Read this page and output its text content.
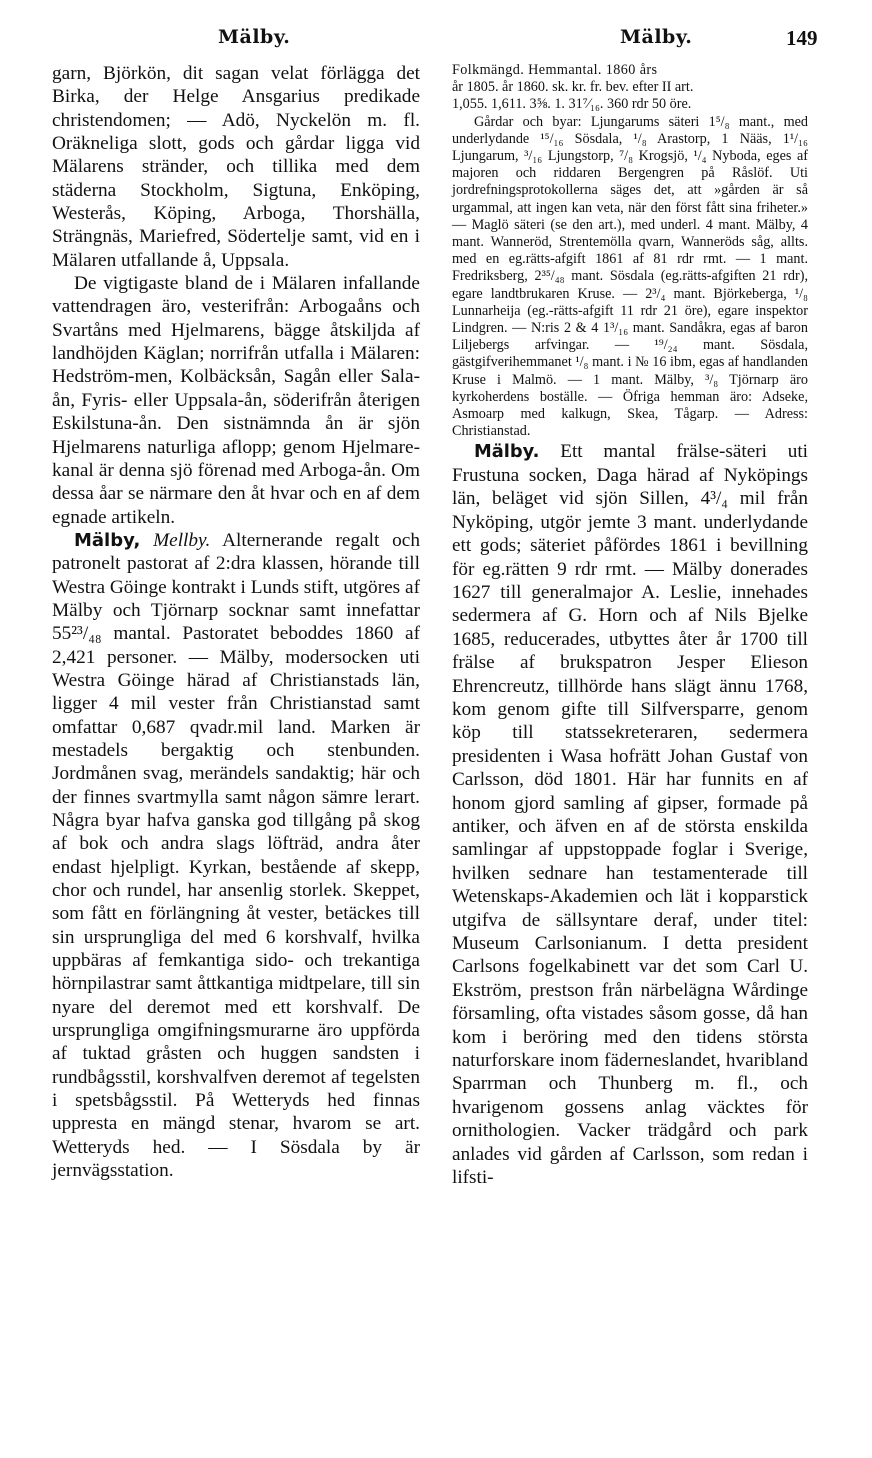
Mälby.	Mälby.	149

garn, Björkön, dit sagan velat förlägga det Birka, der Helge Ansgarius predikade christendomen; — Adö, Nyckelön m. fl. Oräkneliga slott, gods och gårdar ligga vid Mälarens stränder, och tillika med dem städerna Stockholm, Sigtuna, Enköping, Westerås, Köping, Arboga, Thorshälla, Strängnäs, Mariefred, Södertelje samt, vid en i Mälaren utfallande å, Uppsala.

De vigtigaste bland de i Mälaren infallande vattendragen äro, vesterifrån: Arbogaåns och Svartåns med Hjelmarens, bägge åtskiljda af landhöjden Käglan; norrifrån utfalla i Mälaren: Hedström-men, Kolbäcksån, Sagån eller Sala-ån, Fyris- eller Uppsala-ån, söderifrån återigen Eskilstuna-ån. Den sistnämnda ån är sjön Hjelmarens naturliga aflopp; genom Hjelmare-kanal är denna sjö förenad med Arboga-ån. Om dessa åar se närmare den åt hvar och en af dem egnade artikeln.

Mälby, Mellby. Alternerande regalt och patronelt pastorat af 2:dra klassen, hörande till Westra Göinge kontrakt i Lunds stift, utgöres af Mälby och Tjörnarp socknar samt innefattar 55²³/₄₈ mantal. Pastoratet beboddes 1860 af 2,421 personer. — Mälby, modersocken uti Westra Göinge härad af Christianstads län, ligger 4 mil vester från Christianstad samt omfattar 0,687 qvadr.mil land. Marken är mestadels bergaktig och stenbunden. Jordmånen svag, merändels sandaktig; här och der finnes svartmylla samt någon sämre lerart. Några byar hafva ganska god tillgång på skog af bok och andra slags löfträd, andra åter endast hjelpligt. Kyrkan, bestående af skepp, chor och rundel, har ansenlig storlek. Skeppet, som fått en förlängning åt vester, betäckes till sin ursprungliga del med 6 korshvalf, hvilka uppbäras af femkantiga sido- och trekantiga hörnpilastrar samt åttkantiga midtpelare, till sin nyare del deremot med ett korshvalf. De ursprungliga omgifningsmurarne äro uppförda af tuktad gråsten och huggen sandsten i rundbågsstil, korshvalfven deremot af tegelsten i spetsbågsstil. På Wetteryds hed finnas uppresta en mängd stenar, hvarom se art. Wetteryds hed. — I Sösdala by är jernvägsstation.

Folkmängd. Hemmantal. 1860 års
år 1805. år 1860. sk. kr. fr. bev. efter II art.
1,055. 1,611. 3⅝. 1. 31⁷⁄₁₆. 360 rdr 50 öre.

Gårdar och byar: Ljungarums säteri 1⁵/₈ mant., med underlydande ¹⁵/₁₆ Sösdala, ¹/₈ Arastorp, 1 Nääs, 1¹/₁₆ Ljungarum, ³/₁₆ Ljungstorp, ⁷/₈ Krogsjö, ¹/₄ Nyboda, eges af majoren och riddaren Bergengren på Råslöf. Uti jordrefningsprotokollerna säges det, att »gården är så urgammal, att ingen kan veta, när den först fått sina friheter.» — Maglö säteri (se den art.), med underl. 4 mant. Mälby, 4 mant. Wanneröd, Strentemölla qvarn, Wanneröds såg, allts. med en eg.rätts-afgift 1861 af 81 rdr rmt. — 1 mant. Fredriksberg, 2³⁵/₄₈ mant. Sösdala (eg.rätts-afgiften 21 rdr), egare landtbrukaren Kruse. — 2³/₄ mant. Björkeberga, ¹/₈ Lunnarheija (eg.-rätts-afgift 11 rdr 21 öre), egare inspektor Lindgren. — N:ris 2 & 4 1³/₁₆ mant. Sandåkra, egas af baron Liljebergs arfvingar. — ¹⁹/₂₄ mant. Sösdala, gästgifverihemmanet ¹/₈ mant. i № 16 ibm, egas af handlanden Kruse i Malmö. — 1 mant. Mälby, ³/₈ Tjörnarp äro kyrkoherdens boställe. — Öfriga hemman äro: Adseke, Asmoarp med kalkugn, Skea, Tågarp. — Adress: Christianstad.

Mälby. Ett mantal frälse-säteri uti Frustuna socken, Daga härad af Nyköpings län, beläget vid sjön Sillen, 4³/₄ mil från Nyköping, utgör jemte 3 mant. underlydande ett gods; säteriet påfördes 1861 i bevillning för eg.rätten 9 rdr rmt. — Mälby donerades 1627 till generalmajor A. Leslie, innehades sedermera af G. Horn och af Nils Bjelke 1685, reducerades, utbyttes åter år 1700 till frälse af brukspatron Jesper Elieson Ehrencreutz, tillhörde hans slägt ännu 1768, kom genom gifte till Silfversparre, genom köp till statssekreteraren, sedermera presidenten i Wasa hofrätt Johan Gustaf von Carlsson, död 1801. Här har funnits en af honom gjord samling af gipser, formade på antiker, och äfven en af de största enskilda samlingar af uppstoppade foglar i Sverige, hvilken sednare han testamenterade till Wetenskaps-Akademien och lät i kopparstick utgifva de sällsyntare deraf, under titel: Museum Carlsonianum. I detta president Carlsons fogelkabinett var det som Carl U. Ekström, prestson från närbelägna Wårdinge församling, ofta vistades såsom gosse, då han kom i beröring med den tidens största naturforskare inom fäderneslandet, hvaribland Sparrman och Thunberg m. fl., och hvarigenom gossens anlag väcktes för ornithologien. Vacker trädgård och park anlades vid gården af Carlsson, som redan i lifsti-
